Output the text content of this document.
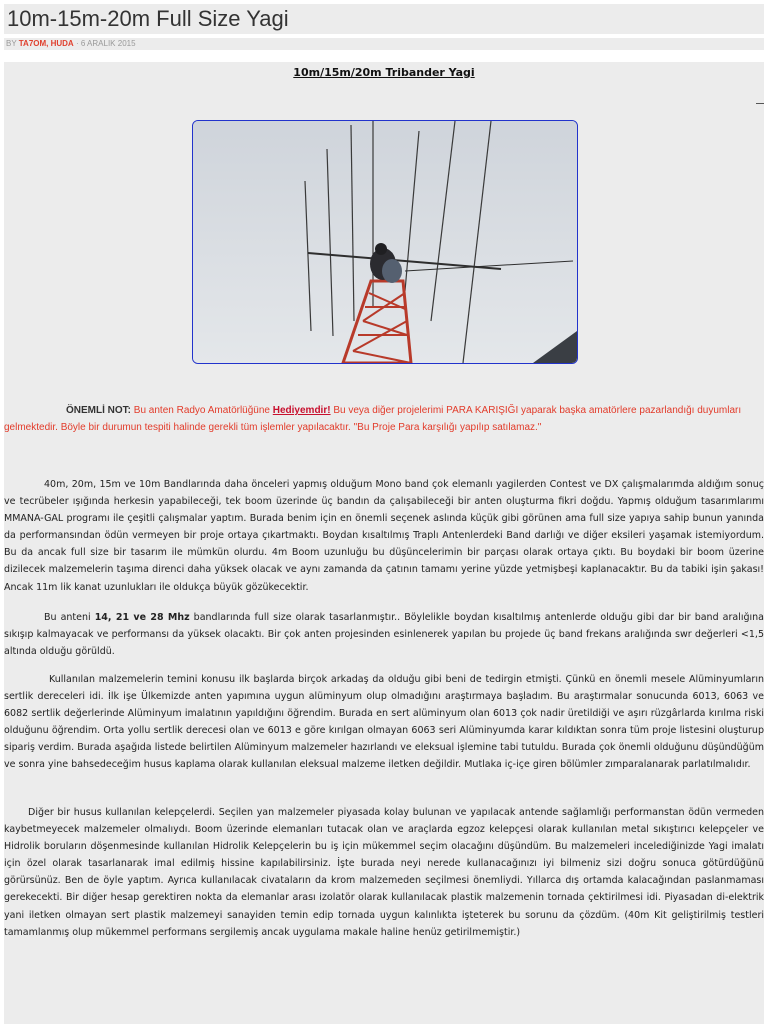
10m-15m-20m Full Size Yagi
BY TA7OM, HUDA · 6 ARALIK 2015
10m/15m/20m Tribander Yagi
ÖNEMLİ NOT: Bu anten Radyo Amatörlüğüne Hediyemdir! Bu veya diğer projelerimi PARA KARIŞIĞI yaparak başka amatörlere pazarlandığı duyumları gelmektedir. Böyle bir durumun tespiti halinde gerekli tüm işlemler yapılacaktır. "Bu Proje Para karşılığı yapılıp satılamaz."

40m, 20m, 15m ve 10m Bandlarında daha önceleri yapmış olduğum Mono band çok elemanlı yagilerden Contest ve DX çalışmalarımda aldığım sonuç ve tecrübeler ışığında herkesin yapabileceği, tek boom üzerinde üç bandın da çalışabileceği bir anten oluşturma fikri doğdu. Yapmış olduğum tasarımlarımı MMANA-GAL programı ile çeşitli çalışmalar yaptım. Burada benim için en önemli seçenek aslında küçük gibi görünen ama full size yapıya sahip bunun yanında da performansından ödün vermeyen bir proje ortaya çıkartmaktı. Boydan kısaltılmış Traplı Antenlerdeki Band darlığı ve diğer eksileri yaşamak istemiyordum. Bu da ancak full size bir tasarım ile mümkün olurdu. 4m Boom uzunluğu bu düşüncelerimin bir parçası olarak ortaya çıktı. Bu boydaki bir boom üzerine dizilecek malzemelerin taşıma direnci daha yüksek olacak ve aynı zamanda da çatının tamamı yerine yüzde yetmişbeşi kaplanacaktır. Bu da tabiki işin şakası! Ancak 11m lik kanat uzunlukları ile oldukça büyük gözükecektir.

Bu anteni 14, 21 ve 28 Mhz bandlarında full size olarak tasarlanmıştır.. Böylelikle boydan kısaltılmış antenlerde olduğu gibi dar bir band aralığına sıkışıp kalmayacak ve performansı da yüksek olacaktı. Bir çok anten projesinden esinlenerek yapılan bu projede üç band frekans aralığında swr değerleri <1,5 altında olduğu görüldü.

Kullanılan malzemelerin temini konusu ilk başlarda birçok arkadaş da olduğu gibi beni de tedirgin etmişti. Çünkü en önemli mesele Alüminyumların sertlik dereceleri idi. İlk işe Ülkemizde anten yapımına uygun alüminyum olup olmadığını araştırmaya başladım. Bu araştırmalar sonucunda 6013, 6063 ve 6082 sertlik değerlerinde Alüminyum imalatının yapıldığını öğrendim. Burada en sert alüminyum olan 6013 çok nadir üretildiği ve aşırı rüzgârlarda kırılma riski olduğunu öğrendim. Orta yollu sertlik derecesi olan ve 6013 e göre kırılgan olmayan 6063 seri Alüminyumda karar kıldıktan sonra tüm proje listesini oluşturup sipariş verdim. Burada aşağıda listede belirtilen Alüminyum malzemeler hazırlandı ve eleksual işlemine tabi tutuldu. Burada çok önemli olduğunu düşündüğüm ve sonra yine bahsedeceğim husus kaplama olarak kullanılan eleksual malzeme iletken değildir. Mutlaka iç-içe giren bölümler zımparalanarak parlatılmalıdır.

Diğer bir husus kullanılan kelepçelerdi. Seçilen yan malzemeler piyasada kolay bulunan ve yapılacak antende sağlamlığı performanstan ödün vermeden kaybetmeyecek malzemeler olmalıydı. Boom üzerinde elemanları tutacak olan ve araçlarda egzoz kelepçesi olarak kullanılan metal sıkıştırıcı kelepçeler ve Hidrolik boruların döşenmesinde kullanılan Hidrolik Kelepçelerin bu iş için mükemmel seçim olacağını düşündüm. Bu malzemeleri incelediğinizde Yagi imalatı için özel olarak tasarlanarak imal edilmiş hissine kapılabilirsiniz. İşte burada neyi nerede kullanacağınızı iyi bilmeniz sizi doğru sonuca götürdüğünü görürsünüz. Ben de öyle yaptım. Ayrıca kullanılacak civataların da krom malzemeden seçilmesi önemliydi. Yıllarca dış ortamda kalacağından paslanmaması gerekecekti. Bir diğer hesap gerektiren nokta da elemanlar arası izolatör olarak kullanılacak plastik malzemenin tornada çektirilmesi idi. Piyasadan di-elektrik yani iletken olmayan sert plastik malzemeyi sanayiden temin edip tornada uygun kalınlıkta işteterek bu sorunu da çözdüm. (40m Kit geliştirilmiş testleri tamamlanmış olup mükemmel performans sergilemiş ancak uygulama makale haline henüz getirilmemiştir.)
